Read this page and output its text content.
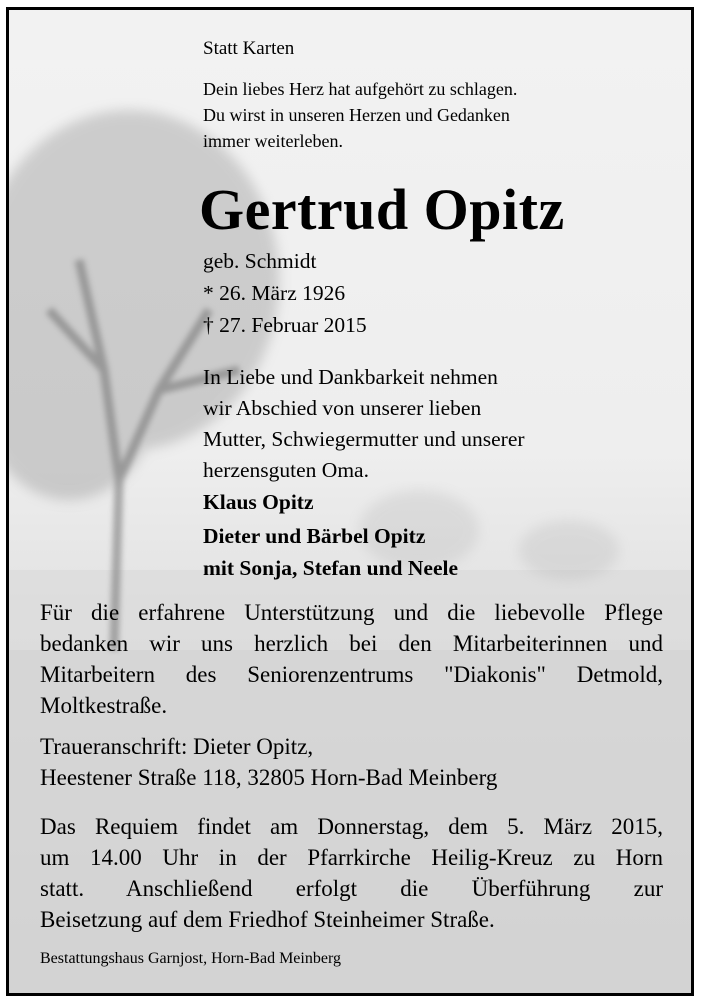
Statt Karten
Dein liebes Herz hat aufgehört zu schlagen.
Du wirst in unseren Herzen und Gedanken
immer weiterleben.
Gertrud Opitz
geb. Schmidt
* 26. März 1926
† 27. Februar 2015
In Liebe und Dankbarkeit nehmen
wir Abschied von unserer lieben
Mutter, Schwiegermutter und unserer
herzensguten Oma.
Klaus Opitz
Dieter und Bärbel Opitz
mit Sonja, Stefan und Neele
Für die erfahrene Unterstützung und die liebevolle Pflege
bedanken wir uns herzlich bei den Mitarbeiterinnen und
Mitarbeitern des Seniorenzentrums "Diakonis" Detmold,
Moltkestraße.
Traueranschrift: Dieter Opitz,
Heestener Straße 118, 32805 Horn-Bad Meinberg
Das Requiem findet am Donnerstag, dem 5. März 2015,
um 14.00 Uhr in der Pfarrkirche Heilig-Kreuz zu Horn
statt. Anschließend erfolgt die Überführung zur
Beisetzung auf dem Friedhof Steinheimer Straße.
Bestattungshaus Garnjost, Horn-Bad Meinberg
